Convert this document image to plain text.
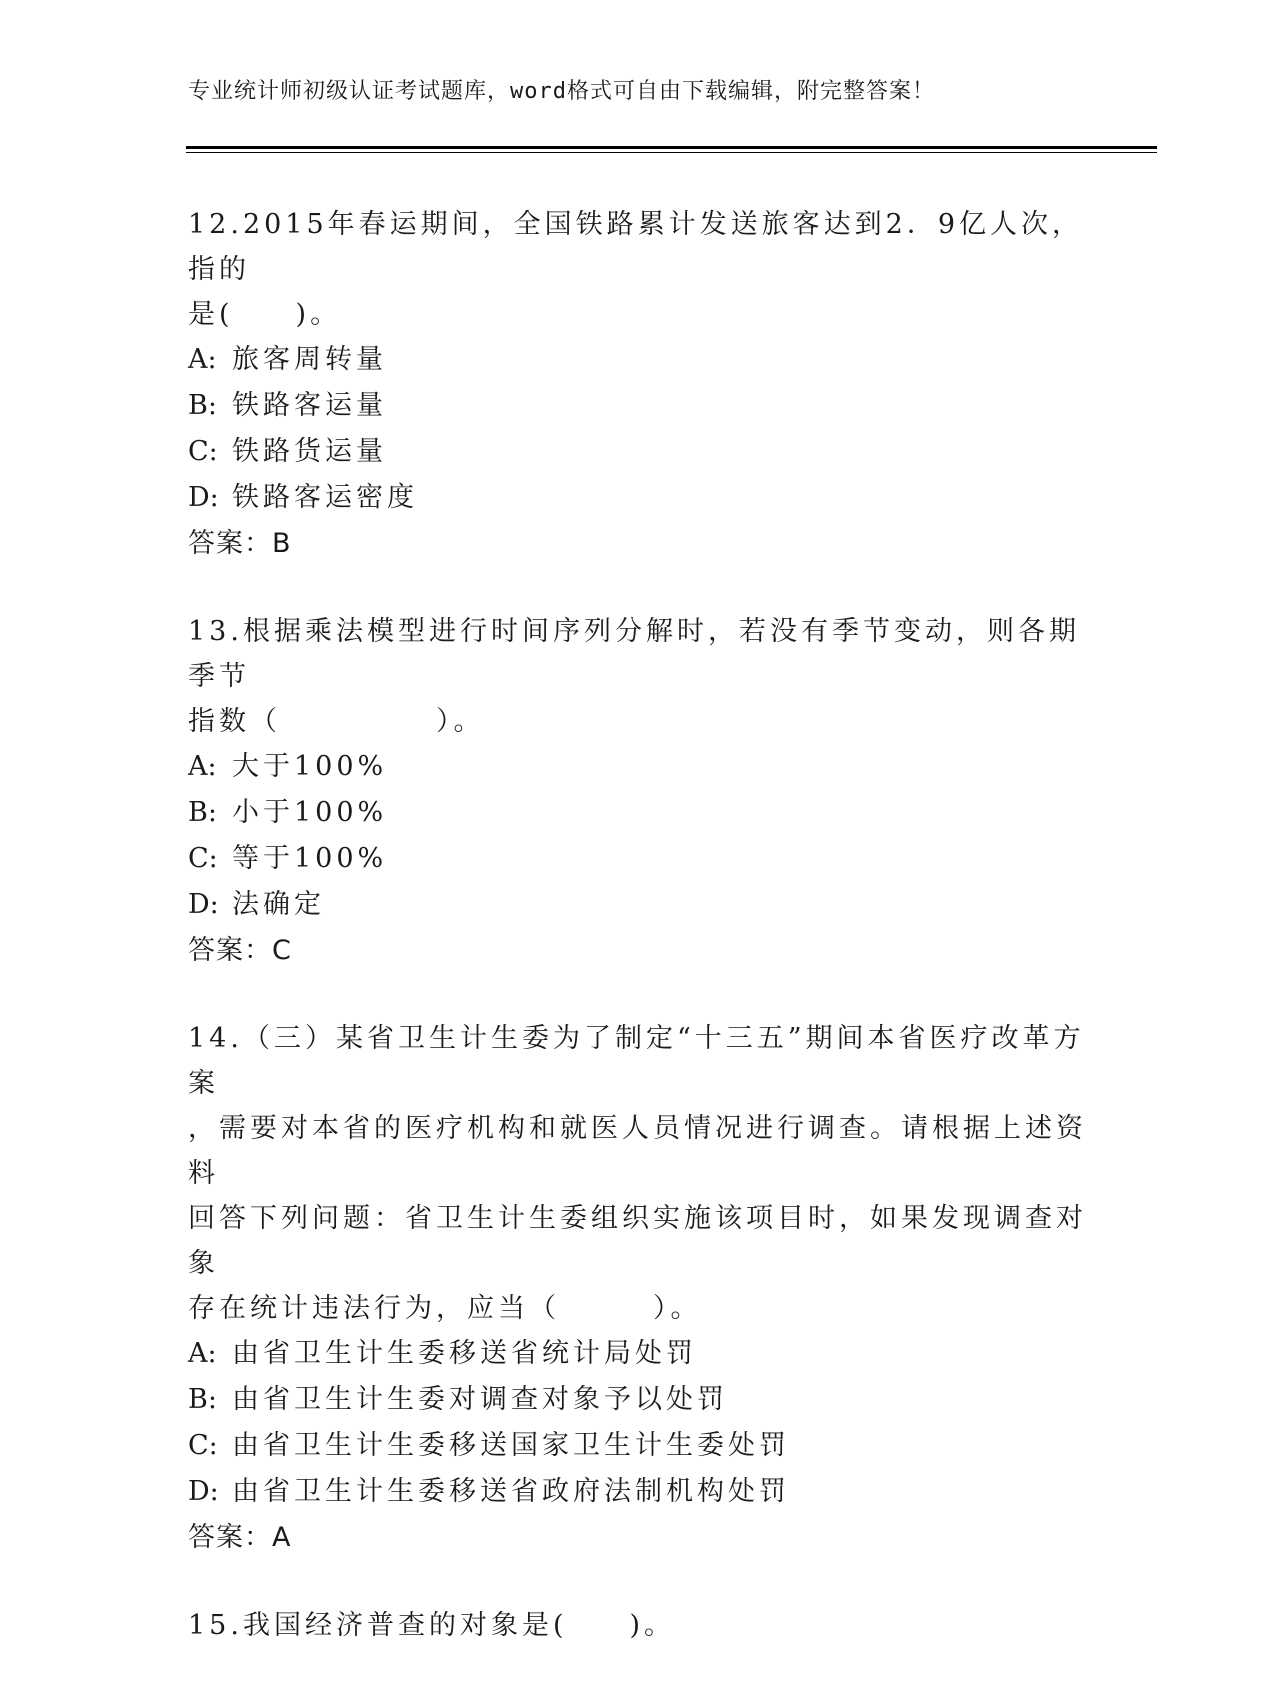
专业统计师初级认证考试题库，word格式可自由下载编辑，附完整答案！

12.2015年春运期间，全国铁路累计发送旅客达到2．9亿人次，指的

是(　　)。

A: 旅客周转量

B: 铁路客运量

C: 铁路货运量

D: 铁路客运密度

答案：B

13.根据乘法模型进行时间序列分解时，若没有季节变动，则各期季节

指数（　　　　　）。

A: 大于100%

B: 小于100%

C: 等于100%

D: 法确定

答案：C

14.（三）某省卫生计生委为了制定“十三五”期间本省医疗改革方案

，需要对本省的医疗机构和就医人员情况进行调查。请根据上述资料

回答下列问题：省卫生计生委组织实施该项目时，如果发现调查对象

存在统计违法行为，应当（　　　）。

A: 由省卫生计生委移送省统计局处罚

B: 由省卫生计生委对调查对象予以处罚

C: 由省卫生计生委移送国家卫生计生委处罚

D: 由省卫生计生委移送省政府法制机构处罚

答案：A

15.我国经济普查的对象是(　　)。
